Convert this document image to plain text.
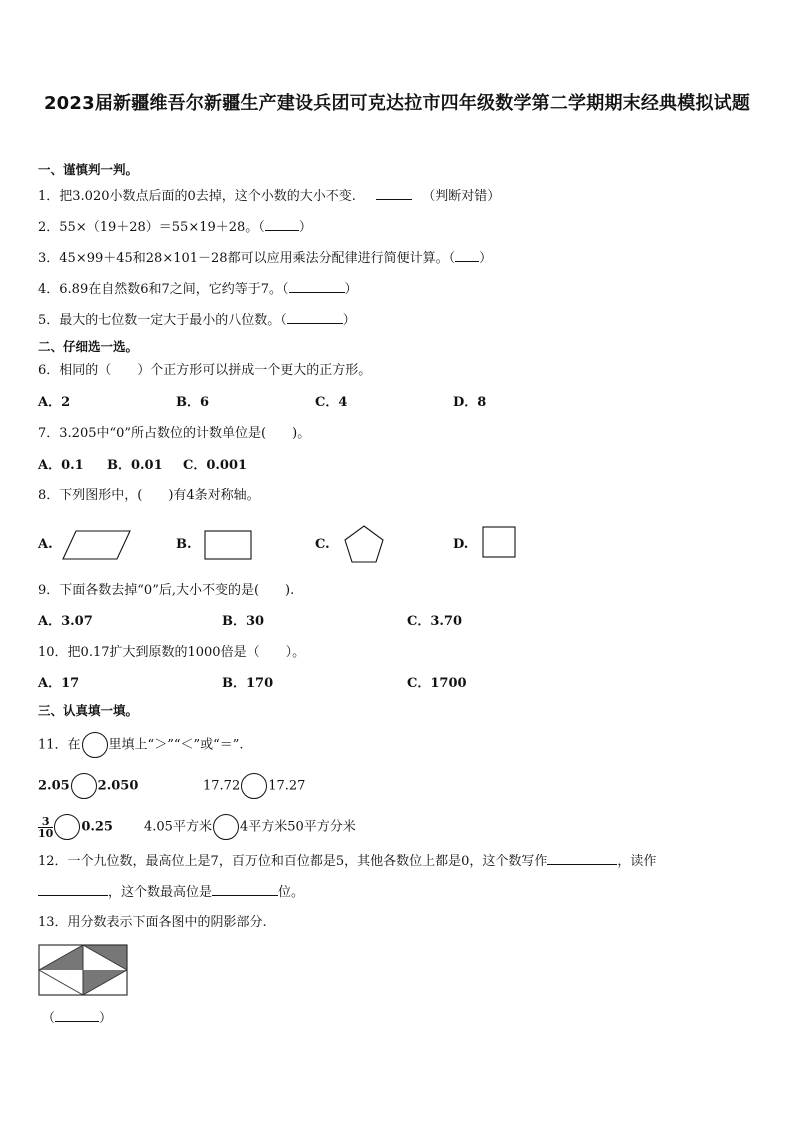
2023届新疆维吾尔新疆生产建设兵团可克达拉市四年级数学第二学期期末经典模拟试题
一、谨慎判一判。
1．把3.020小数点后面的0去掉，这个小数的大小不变.	（判断对错）
2．55×（19＋28）＝55×19＋28。（	）
3．45×99＋45和28×101－28都可以应用乘法分配律进行简便计算。（ ）
4．6.89在自然数6和7之间，它约等于7。（	）
5．最大的七位数一定大于最小的八位数。（	）
二、仔细选一选。
6．相同的（　　）个正方形可以拼成一个更大的正方形。
A．2	B．6	C．4	D．8
7．3.205中“0”所占数位的计数单位是(　　)。
A．0.1 B．0.01 C．0.001
8．下列图形中，(　　)有4条对称轴。
A.	B.	C.	D.
9．下面各数去掉“0”后,大小不变的是(　　).
A．3.07	B．30	C．3.70
10．把0.17扩大到原数的1000倍是（　　）。
A．17	B．170	C．1700
三、认真填一填。
11．在 里填上“＞”“＜”或“＝”.
2.05 2.050	17.72 17.27
$\frac{3}{10} 0.25$ 4.05平方米 4平方米50平方分米
12．一个九位数，最高位上是7，百万位和百位都是5，其他各数位上都是0，这个数写作	，读作
，这个数最高位是	位。
13．用分数表示下面各图中的阴影部分.
（	）
